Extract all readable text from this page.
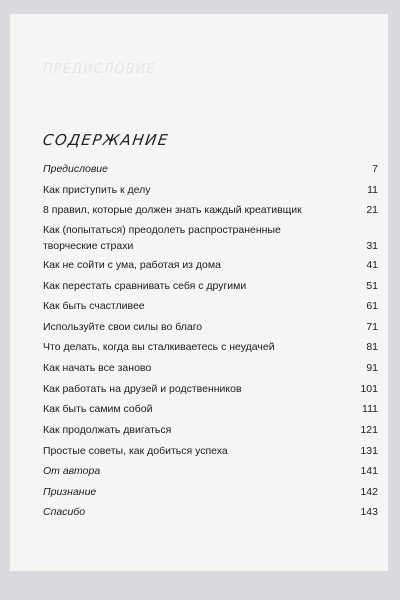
ПРЕДИСЛОВИЕ
СОДЕРЖАНИЕ
Предисловие	7
Как приступить к делу	11
8 правил, которые должен знать каждый креативщик	21
Как (попытаться) преодолеть распространенные творческие страхи	31
Как не сойти с ума, работая из дома	41
Как перестать сравнивать себя с другими	51
Как быть счастливее	61
Используйте свои силы во благо	71
Что делать, когда вы сталкиваетесь с неудачей	81
Как начать все заново	91
Как работать на друзей и родственников	101
Как быть самим собой	111
Как продолжать двигаться	121
Простые советы, как добиться успеха	131
От автора	141
Признание	142
Спасибо	143
